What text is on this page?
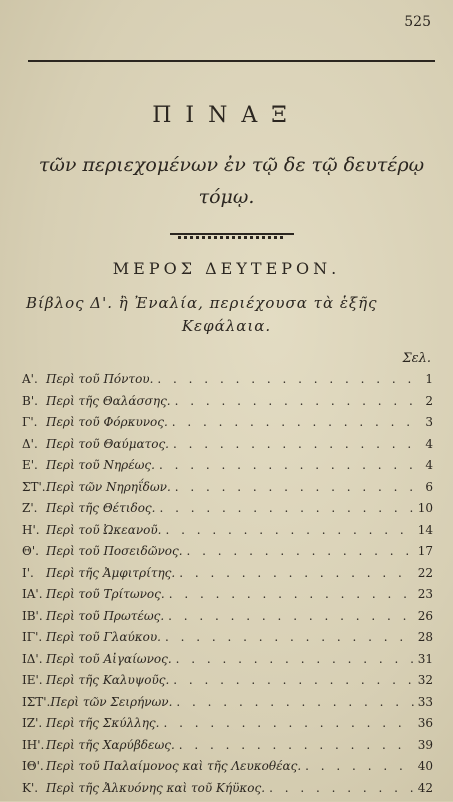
525
ΠΙΝΑΞ
τῶν περιεχομένων ἐν τῷ δε τῷ δευτέρῳ
τόμῳ.
ΜΕΡΟΣ ΔΕΥΤΕΡΟΝ.
Βίβλος Δ'. ἢ Ἐναλία, περιέχουσα τὰ ἑξῆς
Κεφάλαια.
Σελ.
Α'. Περὶ τοῦ Πόντου. . . .	1
Β'. Περὶ τῆς Θαλάσσης. . . .	2
Γ'. Περὶ τοῦ Φόρκυνος. . . .	3
Δ'. Περὶ τοῦ Θαύματος. . . .	4
Ε'. Περὶ τοῦ Νηρέως. . . .	4
ΣΤ'. Περὶ τῶν Νηρηΐδων. . . .	6
Ζ'. Περὶ τῆς Θέτιδος. . . .	10
Η'. Περὶ τοῦ Ὠκεανοῦ. . . .	14
Θ'. Περὶ τοῦ Ποσειδῶνος. . . .	17
Ι'.	Περὶ τῆς Ἀμφιτρίτης. . . .	22
ΙΑ'. Περὶ τοῦ Τρίτωνος. . . .	23
ΙΒ'. Περὶ τοῦ Πρωτέως. . . .	26
ΙΓ'. Περὶ τοῦ Γλαύκου. . . .	28
ΙΔ'. Περὶ τοῦ Αἰγαίωνος. . . .	31
ΙΕ'. Περὶ τῆς Καλυψοῦς. . . .	32
ΙΣΤ'. Περὶ τῶν Σειρήνων. . . .	33
ΙΖ'. Περὶ τῆς Σκύλλης. . . .	36
ΙΗ'. Περὶ τῆς Χαρύβδεως. . . .	39
ΙΘ'. Περὶ τοῦ Παλαίμονος καὶ τῆς Λευκοθέας. . . .	40
Κ'. Περὶ τῆς Ἀλκυόνης καὶ τοῦ Κήϋκος. . . .	42
